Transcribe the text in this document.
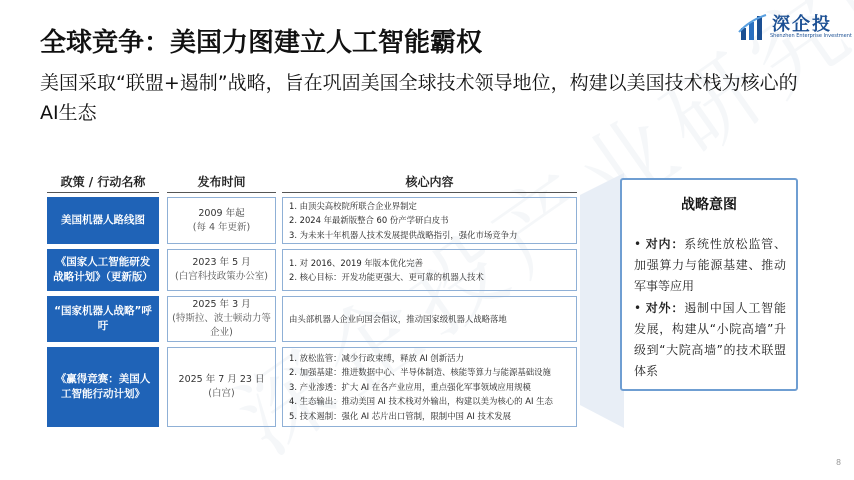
深企投
Shenzhen Enterprise Investment
全球竞争：美国力图建立人工智能霸权
美国采取“联盟+遏制”战略，旨在巩固美国全球技术领导地位，构建以美国技术栈为核心的AI生态
政策 / 行动名称	发布时间	核心内容
美国机器人路线图
2009 年起
(每 4 年更新)
1. 由顶尖高校院所联合企业界制定
2. 2024 年最新版整合 60 份产学研白皮书
3. 为未来十年机器人技术发展提供战略指引，强化市场竞争力
《国家人工智能研发战略计划》（更新版）
2023 年 5 月
(白宫科技政策办公室)
1. 对 2016、2019 年版本优化完善
2. 核心目标：开发功能更强大、更可靠的机器人技术
“国家机器人战略”呼吁
2025 年 3 月
(特斯拉、波士顿动力等企业)
由头部机器人企业向国会倡议，推动国家级机器人战略落地
《赢得竞赛：美国人工智能行动计划》
2025 年 7 月 23 日
(白宫)
1. 放松监管：减少行政束缚，释放 AI 创新活力
2. 加强基建：推进数据中心、半导体制造、核能等算力与能源基础设施
3. 产业渗透：扩大 AI 在各产业应用，重点强化军事领域应用规模
4. 生态输出：推动美国 AI 技术栈对外输出，构建以美为核心的 AI 生态
5. 技术遏制：强化 AI 芯片出口管制，限制中国 AI 技术发展
战略意图
• 对内：系统性放松监管、加强算力与能源基建、推动军事等应用
• 对外：遏制中国人工智能发展，构建从“小院高墙”升级到“大院高墙”的技术联盟体系
8
